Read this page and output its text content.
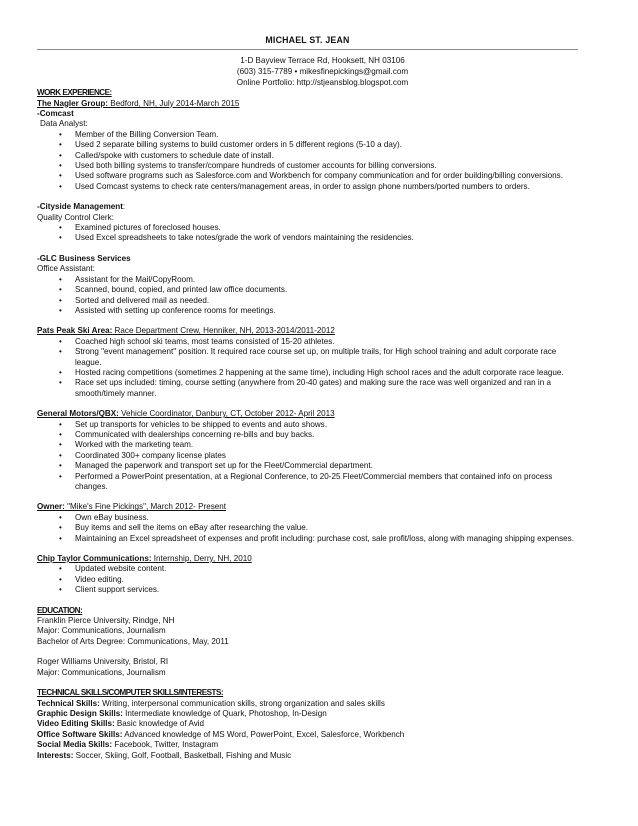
MICHAEL ST. JEAN
1-D Bayview Terrace Rd, Hooksett, NH 03106
(603) 315-7789 • mikesfinepickings@gmail.com
Online Portfolio: http://stjeansblog.blogspot.com
WORK EXPERIENCE:
The Nagler Group: Bedford, NH, July 2014-March 2015
-Comcast
Data Analyst:
• Member of the Billing Conversion Team.
• Used 2 separate billing systems to build customer orders in 5 different regions (5-10 a day).
• Called/spoke with customers to schedule date of install.
• Used both billing systems to transfer/compare hundreds of customer accounts for billing conversions.
• Used software programs such as Salesforce.com and Workbench for company communication and for order building/billing conversions.
• Used Comcast systems to check rate centers/management areas, in order to assign phone numbers/ported numbers to orders.
-Cityside Management:
Quality Control Clerk:
• Examined pictures of foreclosed houses.
• Used Excel spreadsheets to take notes/grade the work of vendors maintaining the residencies.
-GLC Business Services
Office Assistant:
• Assistant for the Mail/CopyRoom.
• Scanned, bound, copied, and printed law office documents.
• Sorted and delivered mail as needed.
• Assisted with setting up conference rooms for meetings.
Pats Peak Ski Area: Race Department Crew, Henniker, NH, 2013-2014/2011-2012
• Coached high school ski teams, most teams consisted of 15-20 athletes.
• Strong "event management" position. It required race course set up, on multiple trails, for High school training and adult corporate race league.
• Hosted racing competitions (sometimes 2 happening at the same time), including High school races and the adult corporate race league.
• Race set ups included: timing, course setting (anywhere from 20-40 gates) and making sure the race was well organized and ran in a smooth/timely manner.
General Motors/QBX: Vehicle Coordinator, Danbury, CT, October 2012- April 2013
• Set up transports for vehicles to be shipped to events and auto shows.
• Communicated with dealerships concerning re-bills and buy backs.
• Worked with the marketing team.
• Coordinated 300+ company license plates
• Managed the paperwork and transport set up for the Fleet/Commercial department.
• Performed a PowerPoint presentation, at a Regional Conference, to 20-25 Fleet/Commercial members that contained info on process changes.
Owner: "Mike's Fine Pickings", March 2012- Present
• Own eBay business.
• Buy items and sell the items on eBay after researching the value.
• Maintaining an Excel spreadsheet of expenses and profit including: purchase cost, sale profit/loss, along with managing shipping expenses.
Chip Taylor Communications: Internship, Derry, NH, 2010
• Updated website content.
• Video editing.
• Client support services.
EDUCATION:
Franklin Pierce University, Rindge, NH
Major: Communications, Journalism
Bachelor of Arts Degree: Communications, May, 2011
Roger Williams University, Bristol, RI
Major: Communications, Journalism
TECHNICAL SKILLS/COMPUTER SKILLS/INTERESTS:
Technical Skills: Writing, interpersonal communication skills, strong organization and sales skills
Graphic Design Skills: Intermediate knowledge of Quark, Photoshop, In-Design
Video Editing Skills: Basic knowledge of Avid
Office Software Skills: Advanced knowledge of MS Word, PowerPoint, Excel, Salesforce, Workbench
Social Media Skills: Facebook, Twitter, Instagram
Interests: Soccer, Skiing, Golf, Football, Basketball, Fishing and Music
